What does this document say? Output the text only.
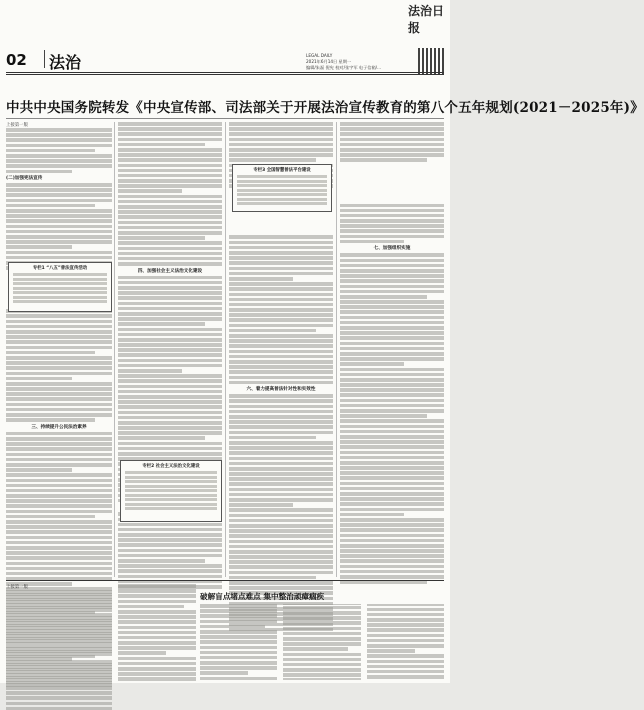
法治日报
02 法治	LEGAL DAILY
2021年6月14日 星期一
编辑/朱磊 倪宪 校对/张宇军 电子信箱/...
中共中央国务院转发《中央宣传部、司法部关于开展法治宣传教育的第八个五年规划(2021－2025年)》
上接第一版
(二)加强宪法宣传
三、持续提升公民法治素养
专栏1 “八五”普法宣传活动
四、加强社会主义法治文化建设
专栏2 社会主义法治文化建设
六、着力提高普法针对性和实效性
专栏3 全国智慧普法平台建设
七、加强组织实施
上接第一版
破解盲点堵点难点 集中整治顽瘴痼疾
